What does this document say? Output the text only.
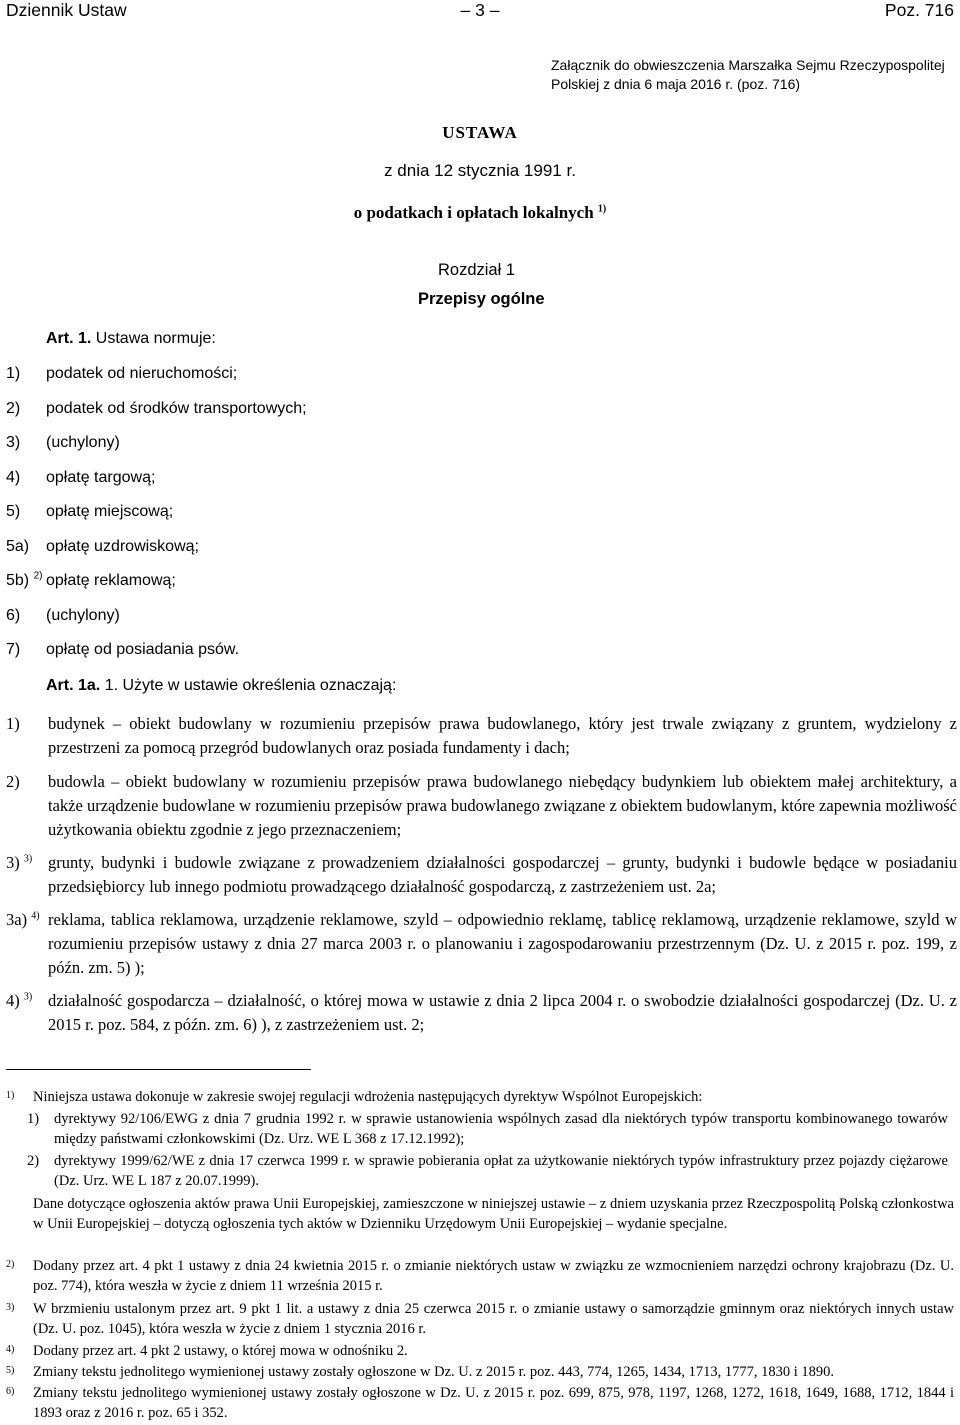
Dziennik Ustaw	– 3 –	Poz. 716
Załącznik do obwieszczenia Marszałka Sejmu Rzeczypospolitej Polskiej z dnia 6 maja 2016 r. (poz. 716)
USTAWA
z dnia 12 stycznia 1991 r.
o podatkach i opłatach lokalnych $^{1)}$
Rozdział 1
Przepisy ogólne
Art. 1. Ustawa normuje:
1) podatek od nieruchomości;
2) podatek od środków transportowych;
3) (uchylony)
4) opłatę targową;
5) opłatę miejscową;
5a) opłatę uzdrowiskową;
5b) $^{2)}$ opłatę reklamową;
6) (uchylony)
7) opłatę od posiadania psów.
Art. 1a. 1. Użyte w ustawie określenia oznaczają:
1) budynek – obiekt budowlany w rozumieniu przepisów prawa budowlanego, który jest trwale związany z gruntem, wydzielony z przestrzeni za pomocą przegród budowlanych oraz posiada fundamenty i dach;
2) budowla – obiekt budowlany w rozumieniu przepisów prawa budowlanego niebędący budynkiem lub obiektem małej architektury, a także urządzenie budowlane w rozumieniu przepisów prawa budowlanego związane z obiektem budowlanym, które zapewnia możliwość użytkowania obiektu zgodnie z jego przeznaczeniem;
3) $^{3)}$ grunty, budynki i budowle związane z prowadzeniem działalności gospodarczej – grunty, budynki i budowle będące w posiadaniu przedsiębiorcy lub innego podmiotu prowadzącego działalność gospodarczą, z zastrzeżeniem ust. 2a;
3a) $^{4)}$ reklama, tablica reklamowa, urządzenie reklamowe, szyld – odpowiednio reklamę, tablicę reklamową, urządzenie reklamowe, szyld w rozumieniu przepisów ustawy z dnia 27 marca 2003 r. o planowaniu i zagospodarowaniu przestrzennym (Dz. U. z 2015 r. poz. 199, z późn. zm. 5) );
4) $^{3)}$ działalność gospodarcza – działalność, o której mowa w ustawie z dnia 2 lipca 2004 r. o swobodzie działalności gospodarczej (Dz. U. z 2015 r. poz. 584, z późn. zm. 6) ), z zastrzeżeniem ust. 2;
1) Niniejsza ustawa dokonuje w zakresie swojej regulacji wdrożenia następujących dyrektyw Wspólnot Europejskich:
1) dyrektywy 92/106/EWG z dnia 7 grudnia 1992 r. w sprawie ustanowienia wspólnych zasad dla niektórych typów transportu kombinowanego towarów między państwami członkowskimi (Dz. Urz. WE L 368 z 17.12.1992);
2) dyrektywy 1999/62/WE z dnia 17 czerwca 1999 r. w sprawie pobierania opłat za użytkowanie niektórych typów infrastruktury przez pojazdy ciężarowe (Dz. Urz. WE L 187 z 20.07.1999).
Dane dotyczące ogłoszenia aktów prawa Unii Europejskiej, zamieszczone w niniejszej ustawie – z dniem uzyskania przez Rzeczpospolitą Polską członkostwa w Unii Europejskiej – dotyczą ogłoszenia tych aktów w Dzienniku Urzędowym Unii Europejskiej – wydanie specjalne.
2) Dodany przez art. 4 pkt 1 ustawy z dnia 24 kwietnia 2015 r. o zmianie niektórych ustaw w związku ze wzmocnieniem narzędzi ochrony krajobrazu (Dz. U. poz. 774), która weszła w życie z dniem 11 września 2015 r.
3) W brzmieniu ustalonym przez art. 9 pkt 1 lit. a ustawy z dnia 25 czerwca 2015 r. o zmianie ustawy o samorządzie gminnym oraz niektórych innych ustaw (Dz. U. poz. 1045), która weszła w życie z dniem 1 stycznia 2016 r.
4) Dodany przez art. 4 pkt 2 ustawy, o której mowa w odnośniku 2.
5) Zmiany tekstu jednolitego wymienionej ustawy zostały ogłoszone w Dz. U. z 2015 r. poz. 443, 774, 1265, 1434, 1713, 1777, 1830 i 1890.
6) Zmiany tekstu jednolitego wymienionej ustawy zostały ogłoszone w Dz. U. z 2015 r. poz. 699, 875, 978, 1197, 1268, 1272, 1618, 1649, 1688, 1712, 1844 i 1893 oraz z 2016 r. poz. 65 i 352.
